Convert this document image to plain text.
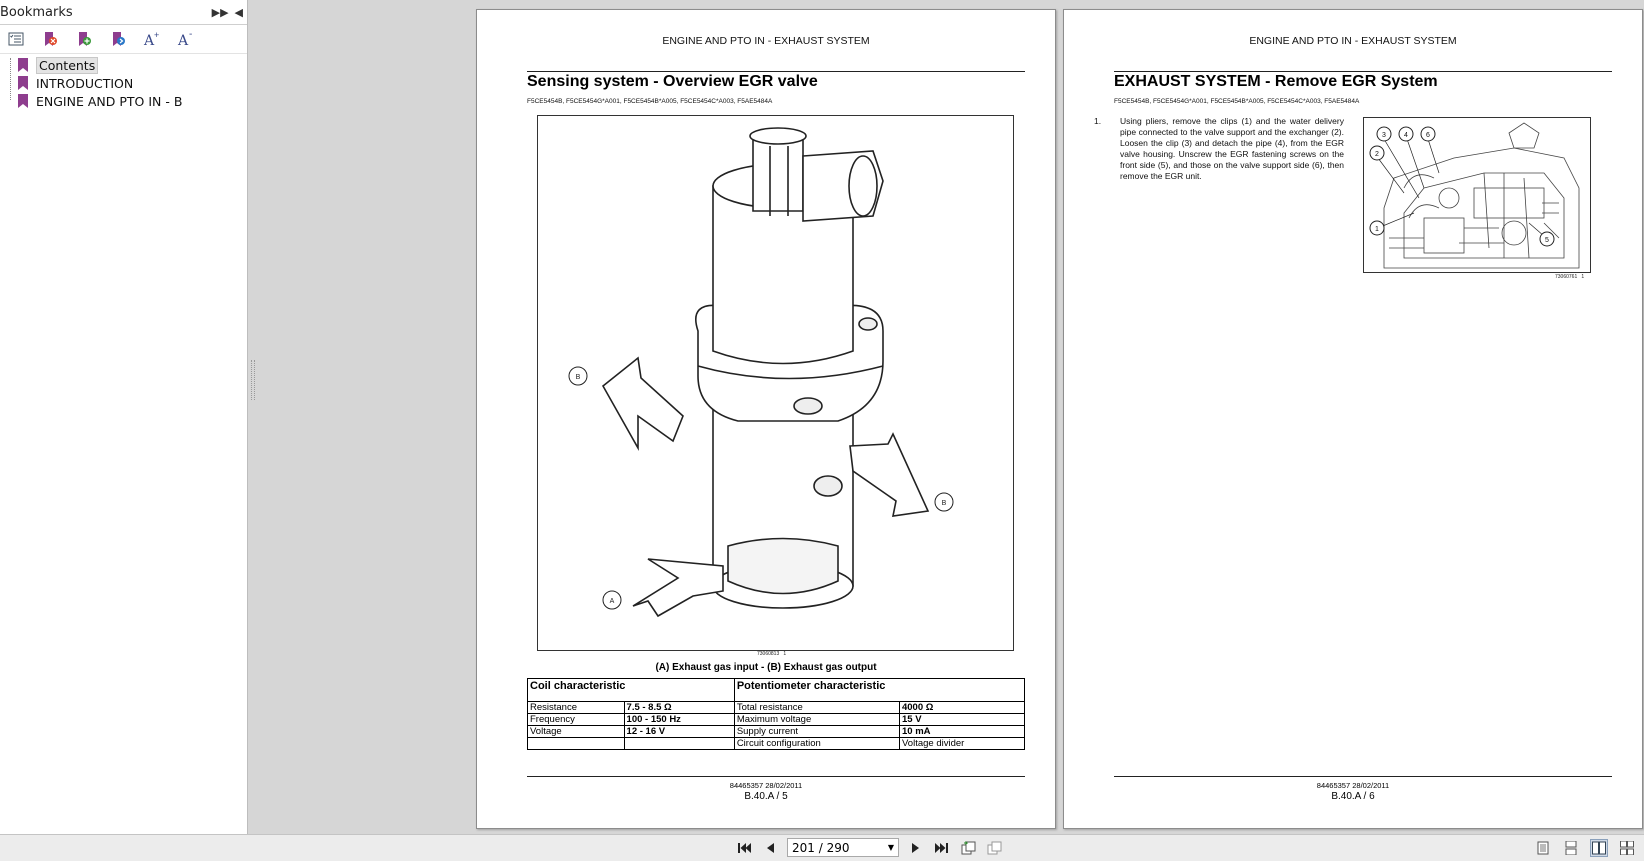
Bookmarks	▶▶ ◀
A + A -
Contents
INTRODUCTION
ENGINE AND PTO IN - B
ENGINE AND PTO IN - EXHAUST SYSTEM
Sensing system - Overview EGR valve
F5CE5454B, F5CE5454G*A001, F5CE5454B*A005, F5CE5454C*A003, F5AE5484A
B
B
A
73060813 1
(A) Exhaust gas input - (B) Exhaust gas output
Coil characteristic		Potentiometer characteristic	
Resistance	7.5 - 8.5 Ω	Total resistance	4000 Ω
Frequency	100 - 150 Hz	Maximum voltage	15 V
Voltage	12 - 16 V	Supply current	10 mA
		Circuit configuration	Voltage divider
84465357 28/02/2011
B.40.A / 5
ENGINE AND PTO IN - EXHAUST SYSTEM
EXHAUST SYSTEM - Remove EGR System
F5CE5454B, F5CE5454G*A001, F5CE5454B*A005, F5CE5454C*A003, F5AE5484A
1. Using pliers, remove the clips (1) and the water delivery pipe connected to the valve support and the exchanger (2). Loosen the clip (3) and detach the pipe (4), from the EGR valve housing. Unscrew the EGR fastening screws on the front side (5), and those on the valve support side (6), then remove the EGR unit.
3	4	6
2
1
5
73060761 1
84465357 28/02/2011
B.40.A / 6
201 / 290	▼
